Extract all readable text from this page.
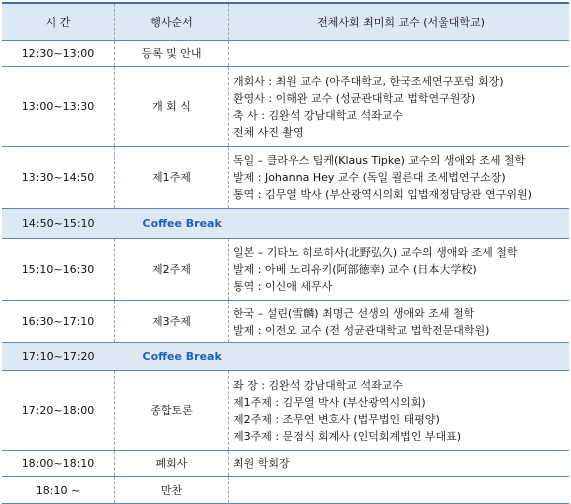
시 간	행사순서	전체사회 최미희 교수 (서울대학교)
12:30~13:00	등록 및 안내	
13:00~13:30	개 회 식	개회사 : 최원 교수 (아주대학교, 한국조세연구포럼 회장)
환영사 : 이해완 교수 (성균관대학교 법학연구원장)
축 사 : 김완석 강남대학교 석좌교수
전체 사진 촬영

13:30~14:50	제1주제	독일 – 클라우스 팁케(Klaus Tipke) 교수의 생애와 조세 철학
발제 : Johanna Hey 교수 (독일 쾰른대 조세법연구소장)
통역 : 김무열 박사 (부산광역시의회 입법재정담당관 연구위원)

14:50~15:10	Coffee Break	
15:10~16:30	제2주제	일본 – 기타노 히로히사(北野弘久) 교수의 생애와 조세 철학
발제 : 아베 노리유키(阿部徳幸) 교수 (日本大学校)
통역 : 이신애 세무사

16:30~17:10	제3주제	한국 – 설린(雪麟) 최명근 선생의 생애와 조세 철학
발제 : 이전오 교수 (전 성균관대학교 법학전문대학원)

17:10~17:20	Coffee Break	
17:20~18:00	종합토론	좌 장 : 김완석 강남대학교 석좌교수
제1주제 : 김무열 박사 (부산광역시의회)
제2주제 : 조무연 변호사 (법무법인 태평양)
제3주제 : 문점식 회계사 (인덕회계법인 부대표)

18:00~18:10	폐회사	최원 학회장

18:10 ~	만찬	
